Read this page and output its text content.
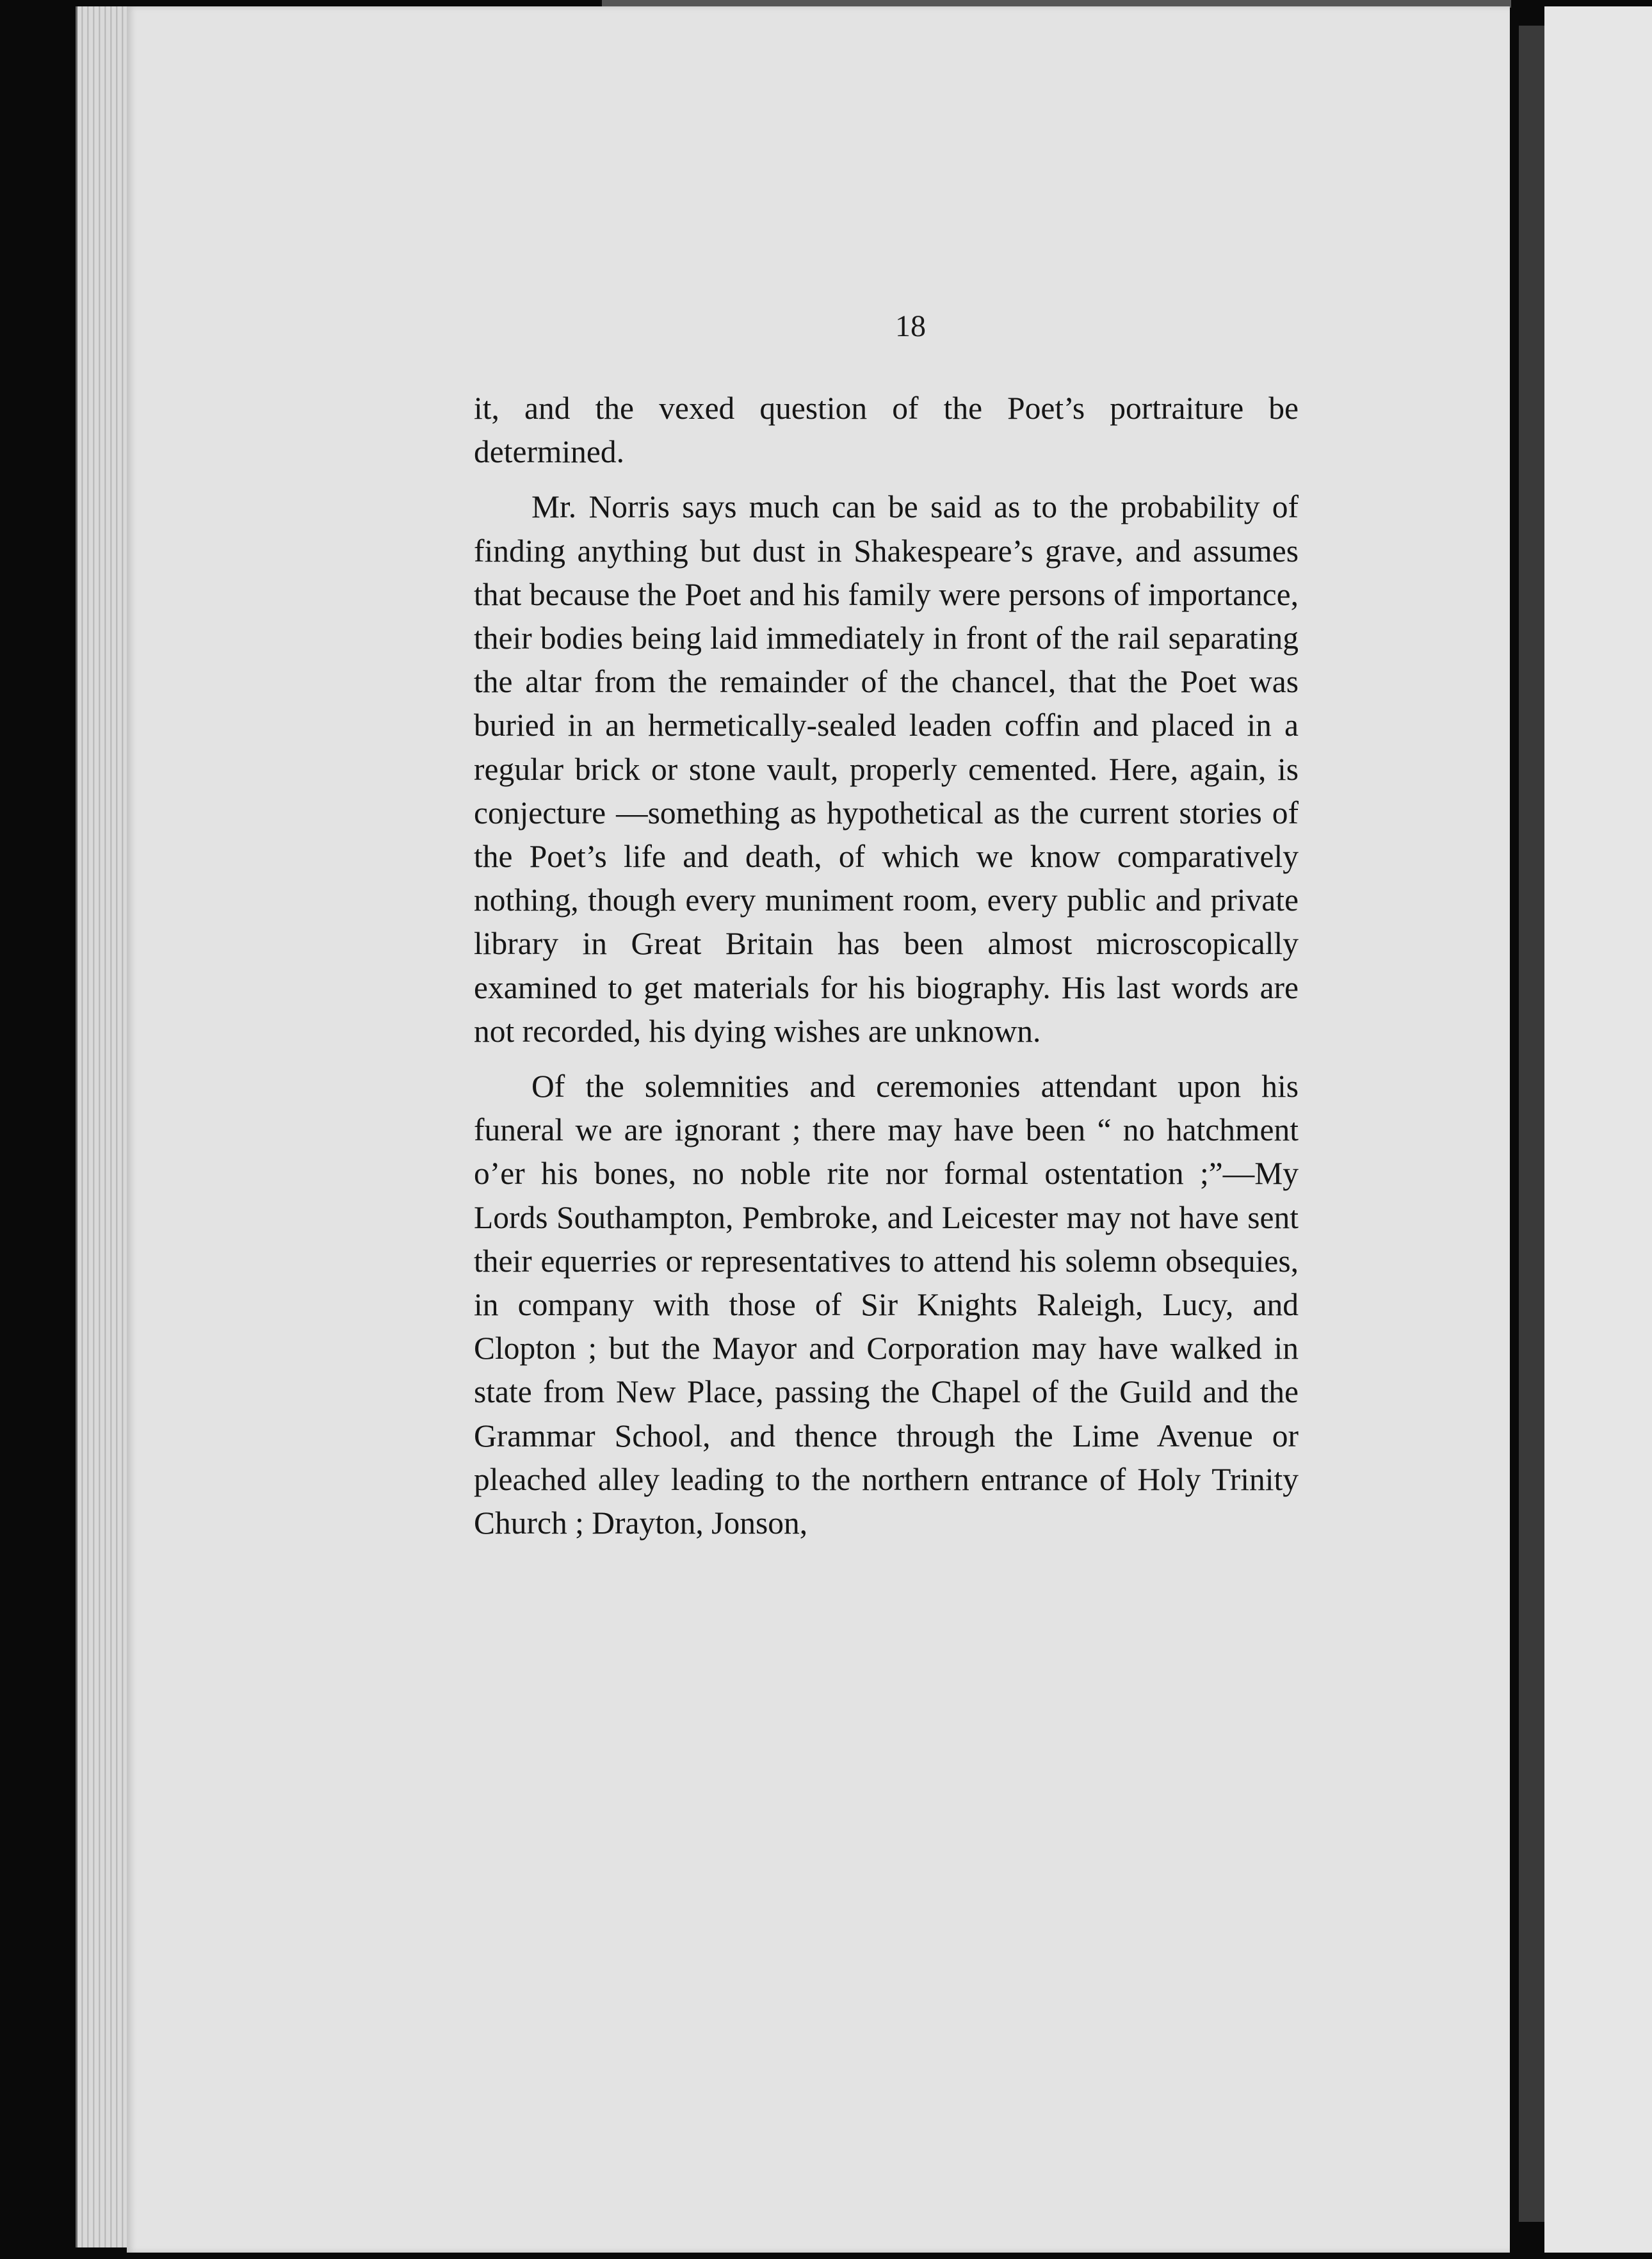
18

it, and the vexed question of the Poet’s portraiture be determined.

Mr. Norris says much can be said as to the probability of finding anything but dust in Shakespeare’s grave, and assumes that because the Poet and his family were persons of importance, their bodies being laid immediately in front of the rail separating the altar from the remainder of the chancel, that the Poet was buried in an hermetically-sealed leaden coffin and placed in a regular brick or stone vault, properly cemented. Here, again, is conjecture —something as hypothetical as the current stories of the Poet’s life and death, of which we know comparatively nothing, though every muniment room, every public and private library in Great Britain has been almost microscopically examined to get materials for his biography. His last words are not recorded, his dying wishes are unknown.

Of the solemnities and ceremonies attendant upon his funeral we are ignorant ; there may have been “ no hatchment o’er his bones, no noble rite nor formal ostentation ;”—My Lords Southampton, Pembroke, and Leicester may not have sent their equerries or representatives to attend his solemn obsequies, in company with those of Sir Knights Raleigh, Lucy, and Clopton ; but the Mayor and Corporation may have walked in state from New Place, passing the Chapel of the Guild and the Grammar School, and thence through the Lime Avenue or pleached alley leading to the northern entrance of Holy Trinity Church ; Drayton, Jonson,
